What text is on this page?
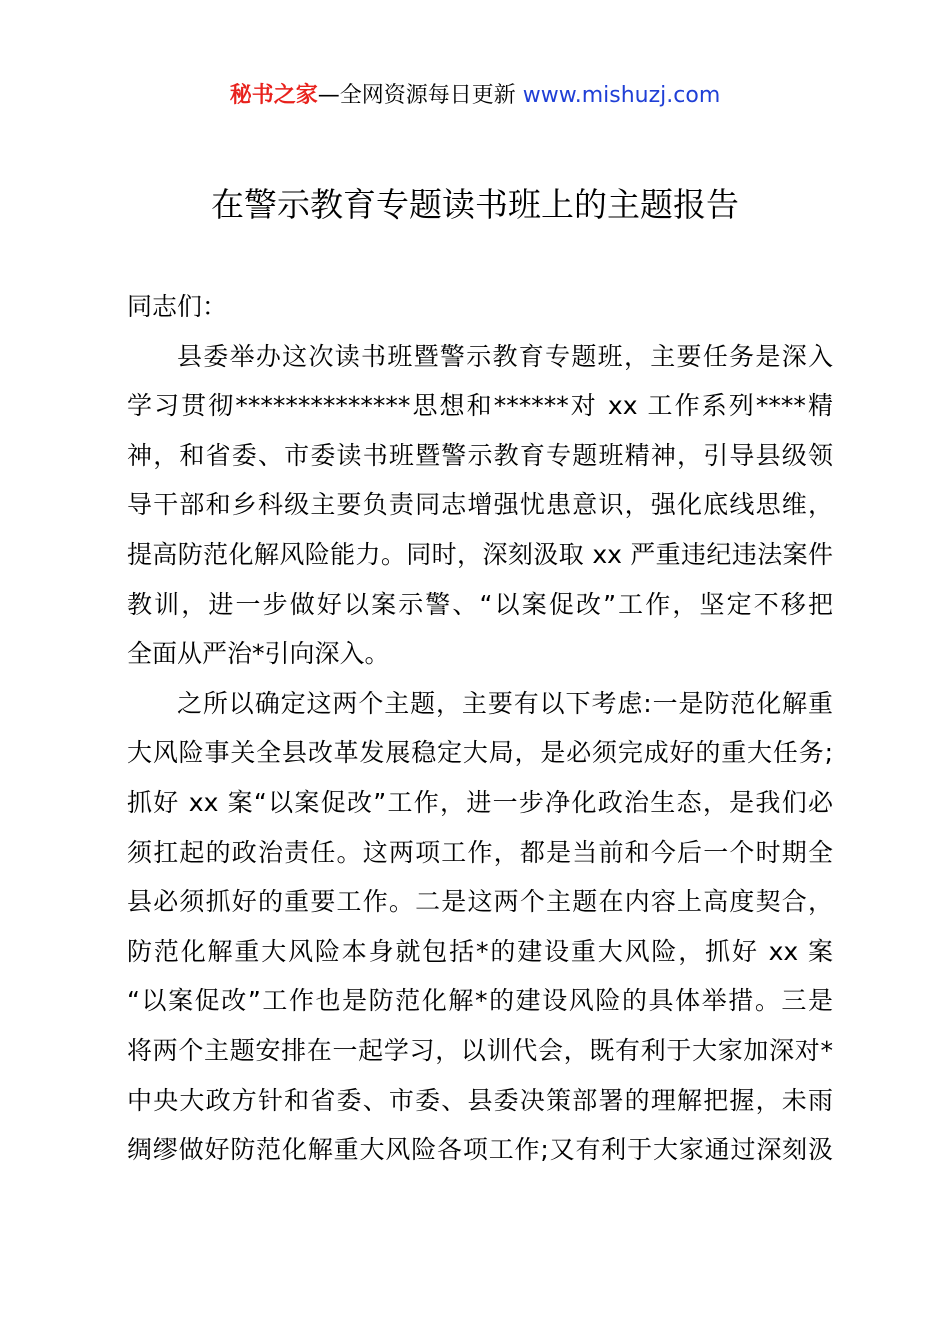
秘书之家—全网资源每日更新 www.mishuzj.com
在警示教育专题读书班上的主题报告
同志们：
县委举办这次读书班暨警示教育专题班，主要任务是深入
学习贯彻**************思想和******对 xx 工作系列****精
神，和省委、市委读书班暨警示教育专题班精神，引导县级领
导干部和乡科级主要负责同志增强忧患意识，强化底线思维，
提高防范化解风险能力。同时，深刻汲取 xx 严重违纪违法案件
教训，进一步做好以案示警、“以案促改”工作，坚定不移把
全面从严治*引向深入。
之所以确定这两个主题，主要有以下考虑:一是防范化解重
大风险事关全县改革发展稳定大局，是必须完成好的重大任务;
抓好 xx 案“以案促改”工作，进一步净化政治生态，是我们必
须扛起的政治责任。这两项工作，都是当前和今后一个时期全
县必须抓好的重要工作。二是这两个主题在内容上高度契合，
防范化解重大风险本身就包括*的建设重大风险，抓好 xx 案
“以案促改”工作也是防范化解*的建设风险的具体举措。三是
将两个主题安排在一起学习，以训代会，既有利于大家加深对*
中央大政方针和省委、市委、县委决策部署的理解把握，未雨
绸缪做好防范化解重大风险各项工作;又有利于大家通过深刻汲
